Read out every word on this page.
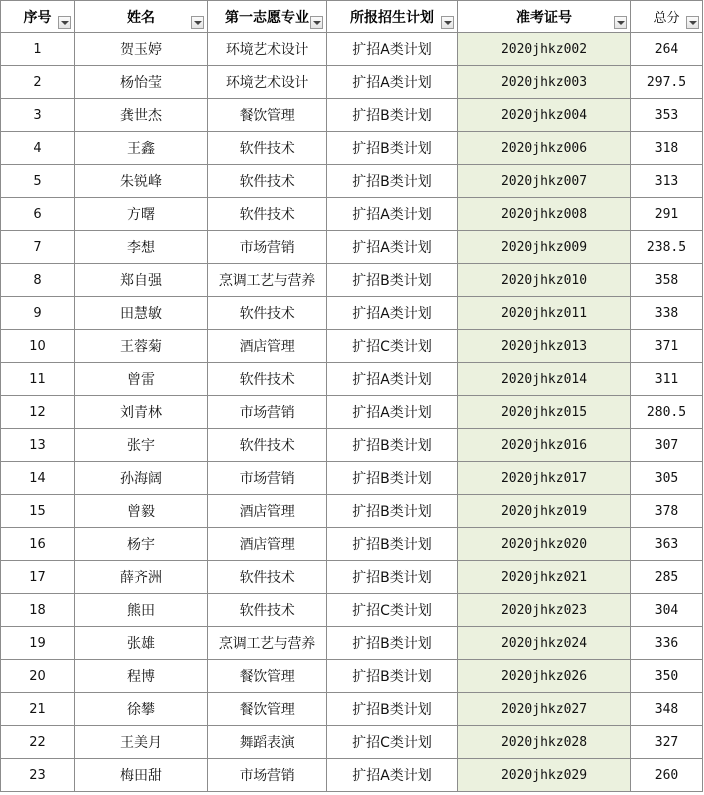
序号	姓名	第一志愿专业	所报招生计划	准考证号	总分

1	贺玉婷	环境艺术设计	扩招A类计划	2020jhkz002	264
2	杨怡莹	环境艺术设计	扩招A类计划	2020jhkz003	297.5
3	龚世杰	餐饮管理	扩招B类计划	2020jhkz004	353
4	王鑫	软件技术	扩招B类计划	2020jhkz006	318
5	朱锐峰	软件技术	扩招B类计划	2020jhkz007	313
6	方曙	软件技术	扩招A类计划	2020jhkz008	291
7	李想	市场营销	扩招A类计划	2020jhkz009	238.5
8	郑自强	烹调工艺与营养	扩招B类计划	2020jhkz010	358
9	田慧敏	软件技术	扩招A类计划	2020jhkz011	338
10	王蓉菊	酒店管理	扩招C类计划	2020jhkz013	371
11	曾雷	软件技术	扩招A类计划	2020jhkz014	311
12	刘青林	市场营销	扩招A类计划	2020jhkz015	280.5
13	张宇	软件技术	扩招B类计划	2020jhkz016	307
14	孙海阔	市场营销	扩招B类计划	2020jhkz017	305
15	曾毅	酒店管理	扩招B类计划	2020jhkz019	378
16	杨宇	酒店管理	扩招B类计划	2020jhkz020	363
17	薛齐洲	软件技术	扩招B类计划	2020jhkz021	285
18	熊田	软件技术	扩招C类计划	2020jhkz023	304
19	张雄	烹调工艺与营养	扩招B类计划	2020jhkz024	336
20	程博	餐饮管理	扩招B类计划	2020jhkz026	350
21	徐攀	餐饮管理	扩招B类计划	2020jhkz027	348
22	王美月	舞蹈表演	扩招C类计划	2020jhkz028	327
23	梅田甜	市场营销	扩招A类计划	2020jhkz029	260
